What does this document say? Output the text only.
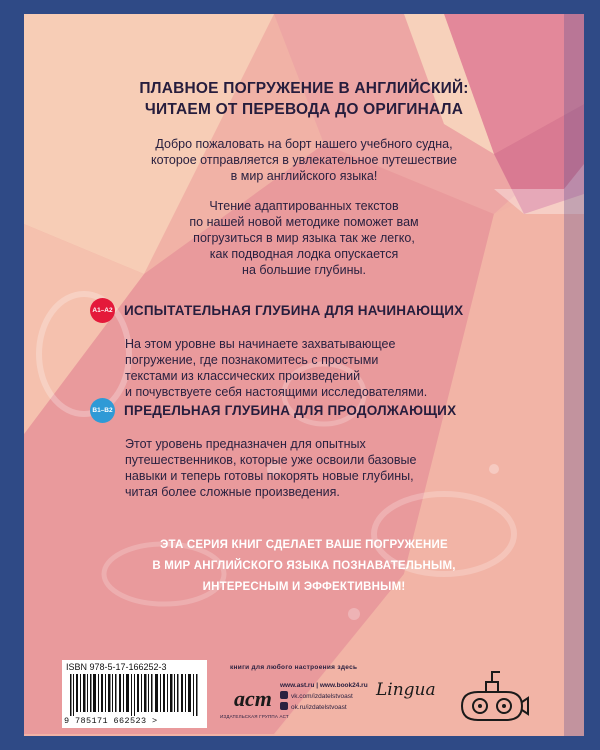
ПЛАВНОЕ ПОГРУЖЕНИЕ В АНГЛИЙСКИЙ:
ЧИТАЕМ ОТ ПЕРЕВОДА ДО ОРИГИНАЛА

Добро пожаловать на борт нашего учебного судна,
которое отправляется в увлекательное путешествие
в мир английского языка!

Чтение адаптированных текстов
по нашей новой методике поможет вам
погрузиться в мир языка так же легко,
как подводная лодка опускается
на большие глубины.

A1–A2 ИСПЫТАТЕЛЬНАЯ ГЛУБИНА ДЛЯ НАЧИНАЮЩИХ
На этом уровне вы начинаете захватывающее
погружение, где познакомитесь с простыми
текстами из классических произведений
и почувствуете себя настоящими исследователями.
B1–B2 ПРЕДЕЛЬНАЯ ГЛУБИНА ДЛЯ ПРОДОЛЖАЮЩИХ
Этот уровень предназначен для опытных
путешественников, которые уже освоили базовые
навыки и теперь готовы покорять новые глубины,
читая более сложные произведения.
ЭТА СЕРИЯ КНИГ СДЕЛАЕТ ВАШЕ ПОГРУЖЕНИЕ
В МИР АНГЛИЙСКОГО ЯЗЫКА ПОЗНАВАТЕЛЬНЫМ,
ИНТЕРЕСНЫМ И ЭФФЕКТИВНЫМ!
ISBN 978-5-17-166252-3
9 785171 662523 >
книги для любого настроения здесь
аст
ИЗДАТЕЛЬСКАЯ ГРУППА АСТ
www.ast.ru | www.book24.ru
vk.com/izdatelstvoast
ok.ru/izdatelstvoast
Lingua
